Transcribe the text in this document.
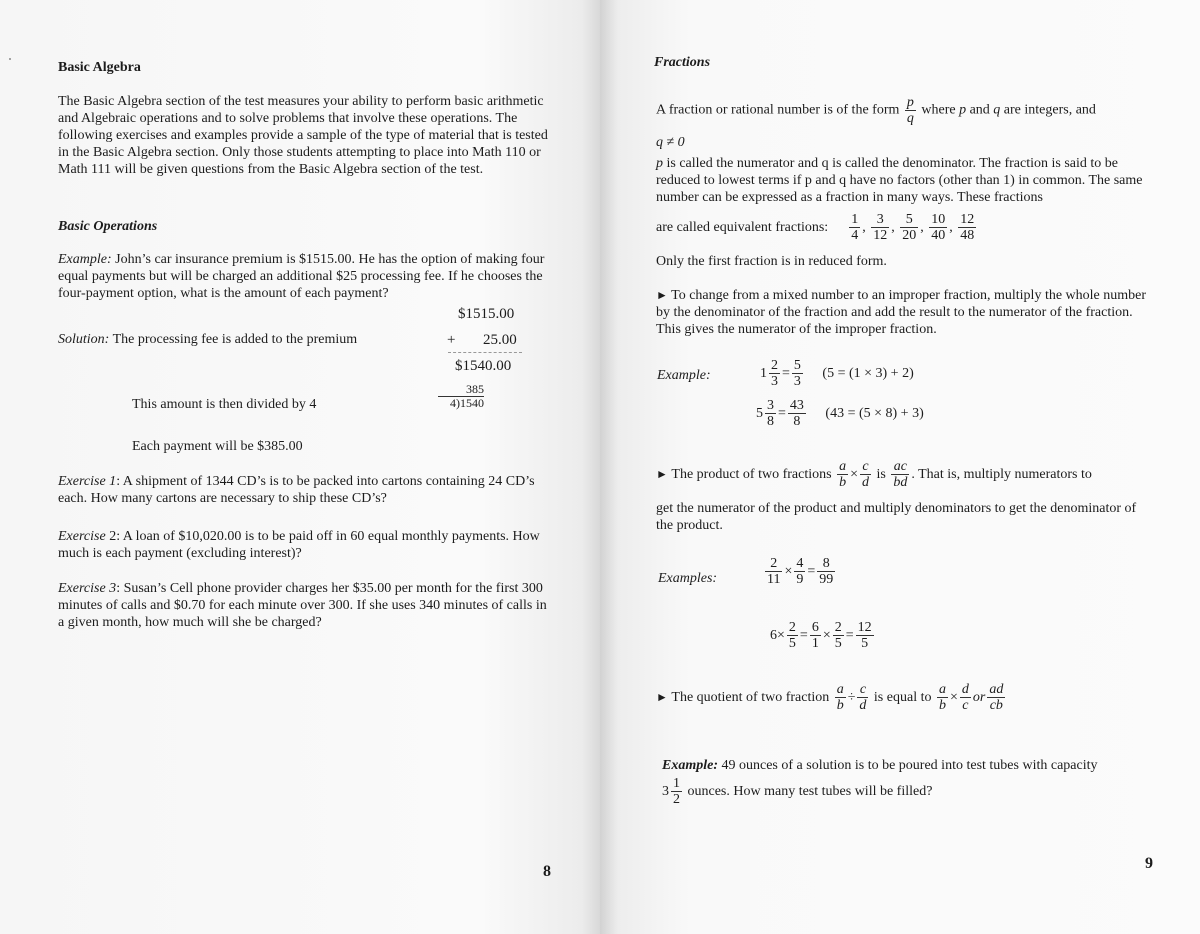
Basic Algebra
The Basic Algebra section of the test measures your ability to perform basic arithmetic and Algebraic operations and to solve problems that involve these operations. The following exercises and examples provide a sample of the type of material that is tested in the Basic Algebra section. Only those students attempting to place into Math 110 or Math 111 will be given questions from the Basic Algebra section of the test.
Basic Operations
Example: John’s car insurance premium is $1515.00. He has the option of making four equal payments but will be charged an additional $25 processing fee. If he chooses the four-payment option, what is the amount of each payment?
$1515.00
Solution: The processing fee is added to the premium	+ 25.00
$1540.00
This amount is then divided by 4
385
4)1540
Each payment will be $385.00
Exercise 1: A shipment of 1344 CD’s is to be packed into cartons containing 24 CD’s each. How many cartons are necessary to ship these CD’s?
Exercise 2: A loan of $10,020.00 is to be paid off in 60 equal monthly payments. How much is each payment (excluding interest)?
Exercise 3: Susan’s Cell phone provider charges her $35.00 per month for the first 300 minutes of calls and $0.70 for each minute over 300. If she uses 340 minutes of calls in a given month, how much will she be charged?
8
Fractions
A fraction or rational number is of the form $\frac{p}{q}$ where p and q are integers, and
q ≠ 0
p is called the numerator and q is called the denominator. The fraction is said to be reduced to lowest terms if p and q have no factors (other than 1) in common. The same number can be expressed as a fraction in many ways. These fractions
are called equivalent fractions: $\frac{1}{4}$ , $\frac{3}{12}$ , $\frac{5}{20}$ , $\frac{10}{40}$ , $\frac{12}{48}$
Only the first fraction is in reduced form.
► To change from a mixed number to an improper fraction, multiply the whole number by the denominator of the fraction and add the result to the numerator of the fraction. This gives the numerator of the improper fraction.
Example:	$1 \frac{2}{3} = \frac{5}{3} (5 = (1 \times 3) + 2)$
$5 \frac{3}{8} = \frac{43}{8} (43 = (5 \times 8) + 3)$
► The product of two fractions $\frac{a}{b} \times \frac{c}{d}$ is $\frac{ac}{bd}$ . That is, multiply numerators to
get the numerator of the product and multiply denominators to get the denominator of the product.
Examples:	$\frac{2}{11} \times \frac{4}{9} = \frac{8}{99}$
$6\times \frac{2}{5} = \frac{6}{1} \times \frac{2}{5} = \frac{12}{5}$
► The quotient of two fraction $\frac{a}{b} \div \frac{c}{d}$ is equal to $\frac{a}{b} \times \frac{d}{c}$ or $\frac{ad}{cb}$
Example: 49 ounces of a solution is to be poured into test tubes with capacity
$3 \frac{1}{2}$ ounces. How many test tubes will be filled?
9
